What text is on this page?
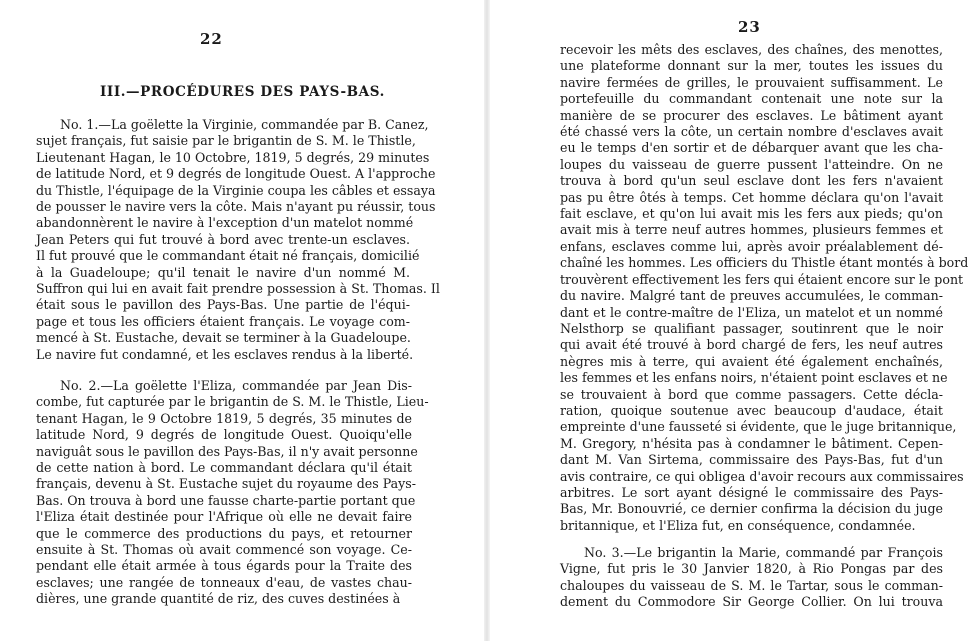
22
III.—PROCÉDURES DES PAYS-BAS.
No. 1.—La goëlette la Virginie, commandée par B. Canez,
sujet français, fut saisie par le brigantin de S. M. le Thistle,
Lieutenant Hagan, le 10 Octobre, 1819, 5 degrés, 29 minutes
de latitude Nord, et 9 degrés de longitude Ouest. A l'approche
du Thistle, l'équipage de la Virginie coupa les câbles et essaya
de pousser le navire vers la côte. Mais n'ayant pu réussir, tous
abandonnèrent le navire à l'exception d'un matelot nommé
Jean Peters qui fut trouvé à bord avec trente-un esclaves.
Il fut prouvé que le commandant était né français, domicilié
à la Guadeloupe; qu'il tenait le navire d'un nommé M.
Suffron qui lui en avait fait prendre possession à St. Thomas. Il
était sous le pavillon des Pays-Bas. Une partie de l'équi-
page et tous les officiers étaient français. Le voyage com-
mencé à St. Eustache, devait se terminer à la Guadeloupe.
Le navire fut condamné, et les esclaves rendus à la liberté.
No. 2.—La goëlette l'Eliza, commandée par Jean Dis-
combe, fut capturée par le brigantin de S. M. le Thistle, Lieu-
tenant Hagan, le 9 Octobre 1819, 5 degrés, 35 minutes de
latitude Nord, 9 degrés de longitude Ouest. Quoiqu'elle
naviguât sous le pavillon des Pays-Bas, il n'y avait personne
de cette nation à bord. Le commandant déclara qu'il était
français, devenu à St. Eustache sujet du royaume des Pays-
Bas. On trouva à bord une fausse charte-partie portant que
l'Eliza était destinée pour l'Afrique où elle ne devait faire
que le commerce des productions du pays, et retourner
ensuite à St. Thomas où avait commencé son voyage. Ce-
pendant elle était armée à tous égards pour la Traite des
esclaves; une rangée de tonneaux d'eau, de vastes chau-
dières, une grande quantité de riz, des cuves destinées à
23
recevoir les mêts des esclaves, des chaînes, des menottes,
une plateforme donnant sur la mer, toutes les issues du
navire fermées de grilles, le prouvaient suffisamment. Le
portefeuille du commandant contenait une note sur la
manière de se procurer des esclaves. Le bâtiment ayant
été chassé vers la côte, un certain nombre d'esclaves avait
eu le temps d'en sortir et de débarquer avant que les cha-
loupes du vaisseau de guerre pussent l'atteindre. On ne
trouva à bord qu'un seul esclave dont les fers n'avaient
pas pu être ôtés à temps. Cet homme déclara qu'on l'avait
fait esclave, et qu'on lui avait mis les fers aux pieds; qu'on
avait mis à terre neuf autres hommes, plusieurs femmes et
enfans, esclaves comme lui, après avoir préalablement dé-
chaîné les hommes. Les officiers du Thistle étant montés à bord
trouvèrent effectivement les fers qui étaient encore sur le pont
du navire. Malgré tant de preuves accumulées, le comman-
dant et le contre-maître de l'Eliza, un matelot et un nommé
Nelsthorp se qualifiant passager, soutinrent que le noir
qui avait été trouvé à bord chargé de fers, les neuf autres
nègres mis à terre, qui avaient été également enchaînés,
les femmes et les enfans noirs, n'étaient point esclaves et ne
se trouvaient à bord que comme passagers. Cette décla-
ration, quoique soutenue avec beaucoup d'audace, était
empreinte d'une fausseté si évidente, que le juge britannique,
M. Gregory, n'hésita pas à condamner le bâtiment. Cepen-
dant M. Van Sirtema, commissaire des Pays-Bas, fut d'un
avis contraire, ce qui obligea d'avoir recours aux commissaires
arbitres. Le sort ayant désigné le commissaire des Pays-
Bas, Mr. Bonouvrié, ce dernier confirma la décision du juge
britannique, et l'Eliza fut, en conséquence, condamnée.
No. 3.—Le brigantin la Marie, commandé par François
Vigne, fut pris le 30 Janvier 1820, à Rio Pongas par des
chaloupes du vaisseau de S. M. le Tartar, sous le comman-
dement du Commodore Sir George Collier. On lui trouva
